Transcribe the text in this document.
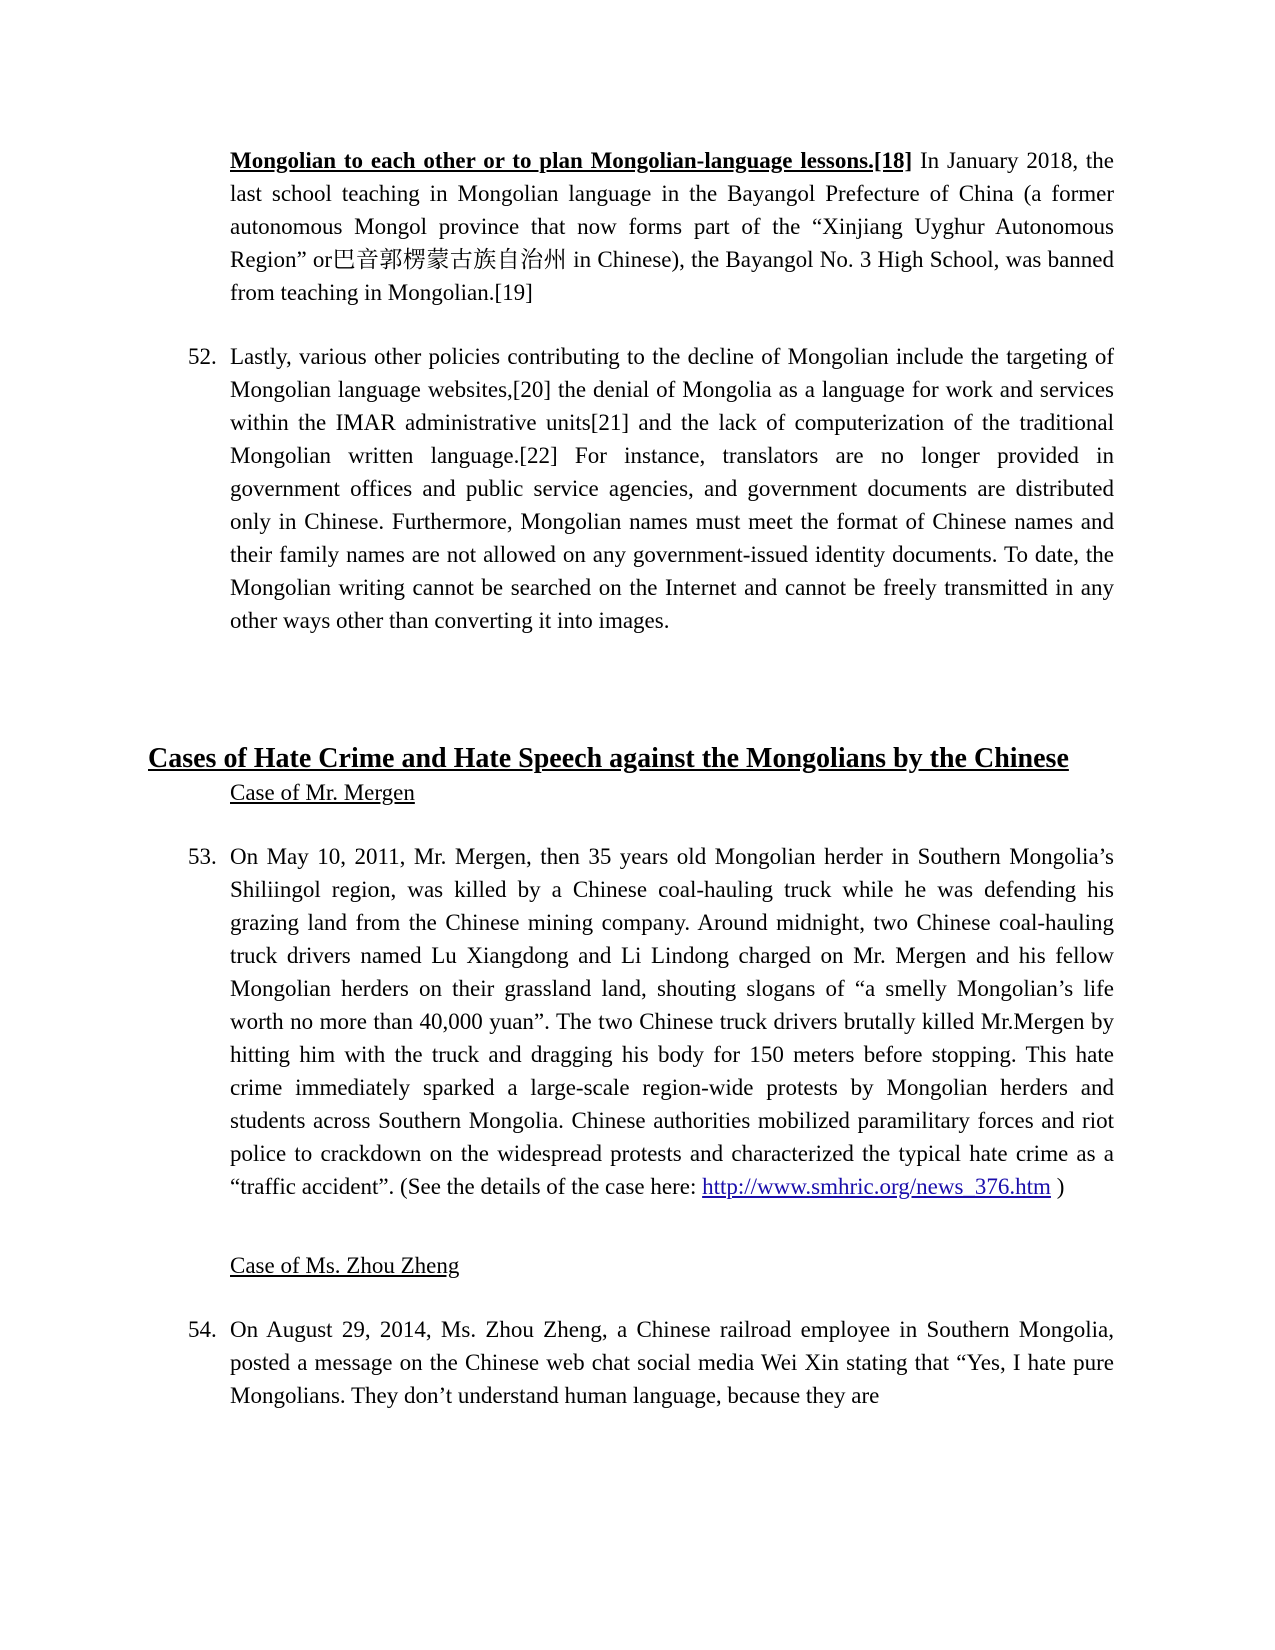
Mongolian to each other or to plan Mongolian-language lessons.[18] In January 2018, the last school teaching in Mongolian language in the Bayangol Prefecture of China (a former autonomous Mongol province that now forms part of the “Xinjiang Uyghur Autonomous Region” or巴音郭楞蒙古族自治州 in Chinese), the Bayangol No. 3 High School, was banned from teaching in Mongolian.[19]

52. Lastly, various other policies contributing to the decline of Mongolian include the targeting of Mongolian language websites,[20] the denial of Mongolia as a language for work and services within the IMAR administrative units[21] and the lack of computerization of the traditional Mongolian written language.[22] For instance, translators are no longer provided in government offices and public service agencies, and government documents are distributed only in Chinese. Furthermore, Mongolian names must meet the format of Chinese names and their family names are not allowed on any government-issued identity documents. To date, the Mongolian writing cannot be searched on the Internet and cannot be freely transmitted in any other ways other than converting it into images.
Cases of Hate Crime and Hate Speech against the Mongolians by the Chinese

Case of Mr. Mergen

53. On May 10, 2011, Mr. Mergen, then 35 years old Mongolian herder in Southern Mongolia’s Shiliingol region, was killed by a Chinese coal-hauling truck while he was defending his grazing land from the Chinese mining company. Around midnight, two Chinese coal-hauling truck drivers named Lu Xiangdong and Li Lindong charged on Mr. Mergen and his fellow Mongolian herders on their grassland land, shouting slogans of “a smelly Mongolian’s life worth no more than 40,000 yuan”. The two Chinese truck drivers brutally killed Mr.Mergen by hitting him with the truck and dragging his body for 150 meters before stopping. This hate crime immediately sparked a large-scale region-wide protests by Mongolian herders and students across Southern Mongolia. Chinese authorities mobilized paramilitary forces and riot police to crackdown on the widespread protests and characterized the typical hate crime as a “traffic accident”. (See the details of the case here: http://www.smhric.org/news_376.htm )

Case of Ms. Zhou Zheng

54. On August 29, 2014, Ms. Zhou Zheng, a Chinese railroad employee in Southern Mongolia, posted a message on the Chinese web chat social media Wei Xin stating that “Yes, I hate pure Mongolians. They don’t understand human language, because they are
